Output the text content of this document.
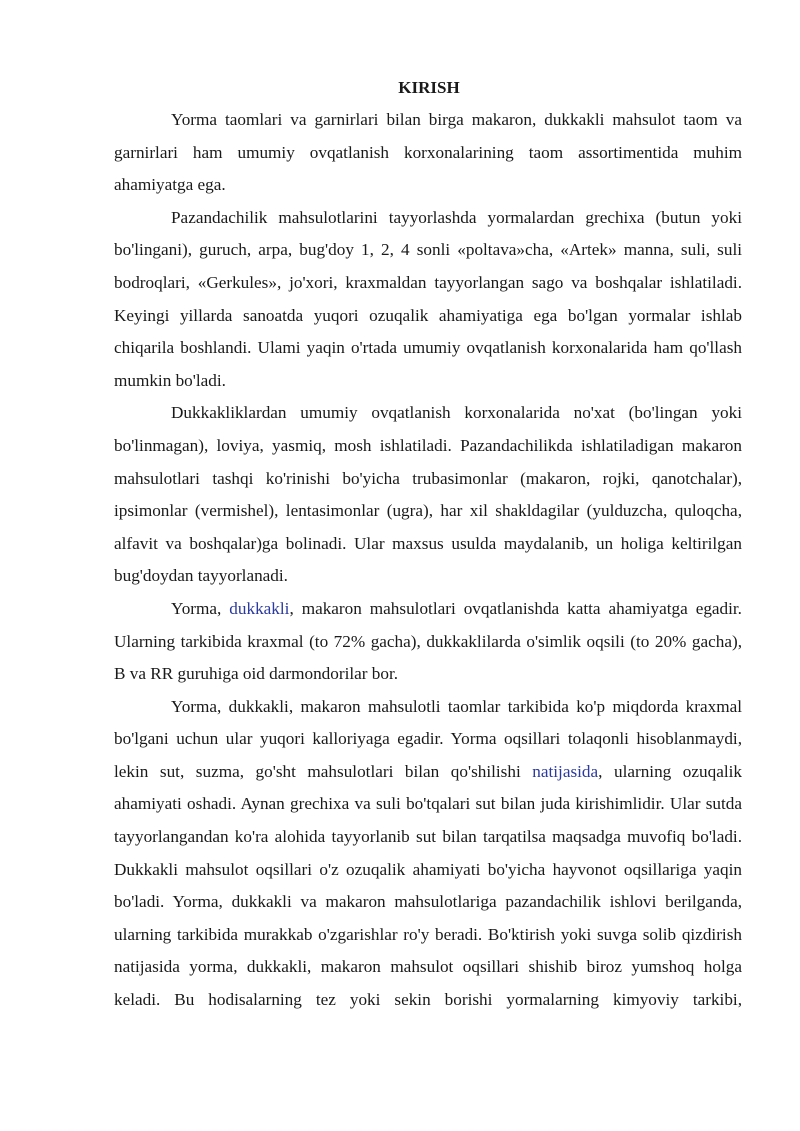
KIRISH

Yorma taomlari va garnirlari bilan birga makaron, dukkakli mahsulot taom va garnirlari ham umumiy ovqatlanish korxonalarining taom assortimentida muhim ahamiyatga ega.

Pazandachilik mahsulotlarini tayyorlashda yormalardan grechixa (butun yoki bo'lingani), guruch, arpa, bug'doy 1, 2, 4 sonli «poltava»cha, «Artek» manna, suli, suli bodroqlari, «Gerkules», jo'xori, kraxmaldan tayyorlangan sago va boshqalar ishlatiladi. Keyingi yillarda sanoatda yuqori ozuqalik ahamiyatiga ega bo'lgan yormalar ishlab chiqarila boshlandi. Ulami yaqin o'rtada umumiy ovqatlanish korxonalarida ham qo'llash mumkin bo'ladi.

Dukkakliklardan umumiy ovqatlanish korxonalarida no'xat (bo'lingan yoki bo'linmagan), loviya, yasmiq, mosh ishlatiladi. Pazandachilikda ishlatiladigan makaron mahsulotlari tashqi ko'rinishi bo'yicha trubasimonlar (makaron, rojki, qanotchalar), ipsimonlar (vermishel), lentasimonlar (ugra), har xil shakldagilar (yulduzcha, quloqcha, alfavit va boshqalar)ga bolinadi. Ular maxsus usulda maydalanib, un holiga keltirilgan bug'doydan tayyorlanadi.

Yorma, dukkakli, makaron mahsulotlari ovqatlanishda katta ahamiyatga egadir. Ularning tarkibida kraxmal (to 72% gacha), dukkaklilarda o'simlik oqsili (to 20% gacha), B va RR guruhiga oid darmondorilar bor.

Yorma, dukkakli, makaron mahsulotli taomlar tarkibida ko'p miqdorda kraxmal bo'lgani uchun ular yuqori kalloriyaga egadir. Yorma oqsillari tolaqonli hisoblanmaydi, lekin sut, suzma, go'sht mahsulotlari bilan qo'shilishi natijasida, ularning ozuqalik ahamiyati oshadi. Aynan grechixa va suli bo'tqalari sut bilan juda kirishimlidir. Ular sutda tayyorlangandan ko'ra alohida tayyorlanib sut bilan tarqatilsa maqsadga muvofiq bo'ladi. Dukkakli mahsulot oqsillari o'z ozuqalik ahamiyati bo'yicha hayvonot oqsillariga yaqin bo'ladi. Yorma, dukkakli va makaron mahsulotlariga pazandachilik ishlovi berilganda, ularning tarkibida murakkab o'zgarishlar ro'y beradi. Bo'ktirish yoki suvga solib qizdirish natijasida yorma, dukkakli, makaron mahsulot oqsillari shishib biroz yumshoq holga keladi. Bu hodisalarning tez yoki sekin borishi yormalarning kimyoviy tarkibi,
